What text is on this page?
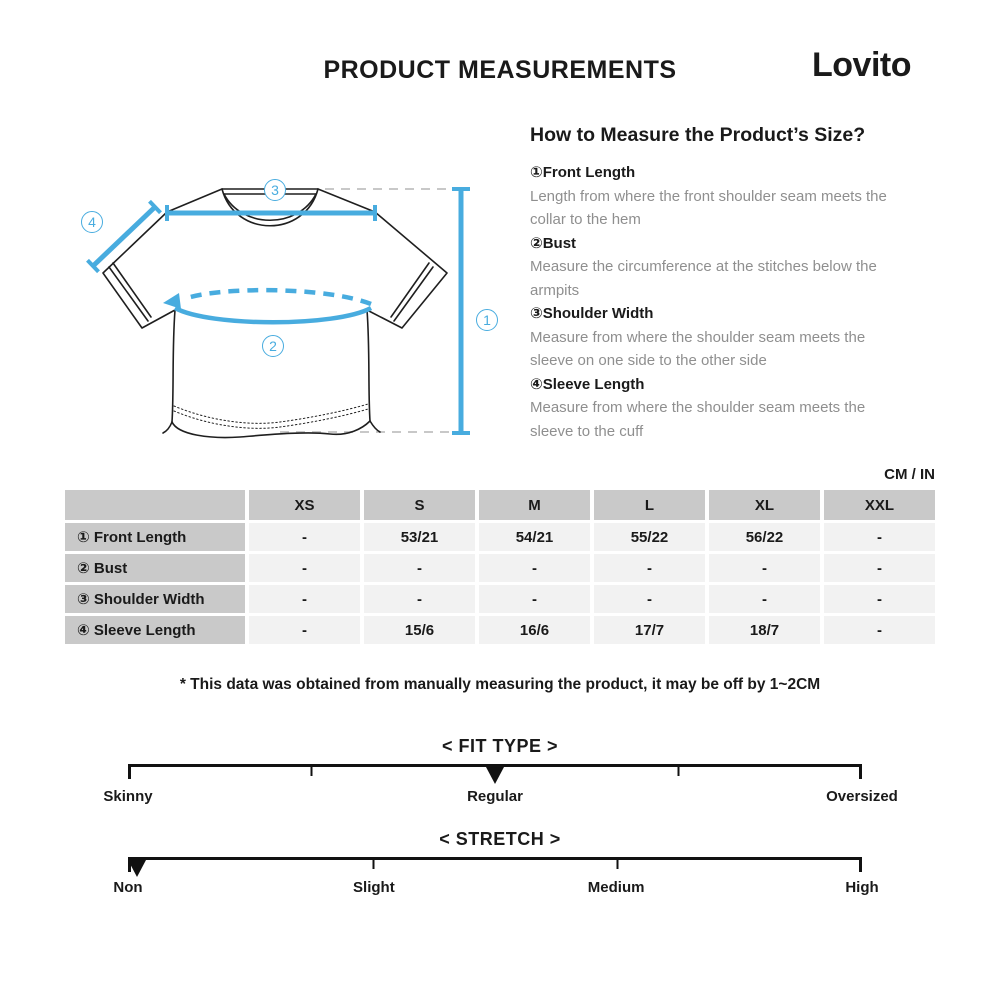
PRODUCT MEASUREMENTS	Lovito
1
2
3
4
How to Measure the Product’s Size?
①Front Length

Length from where the front shoulder seam meets the collar to the hem

②Bust

Measure the circumference at the stitches below the armpits

③Shoulder Width

Measure from where the shoulder seam meets the sleeve on one side to the other side

④Sleeve Length

Measure from where the shoulder seam meets the sleeve to the cuff

CM / IN
XS	S	M	L	XL	XXL
① Front Length	-	53/21	54/21	55/22	56/22	-
② Bust	-	-	-	-	-	-
③ Shoulder Width	-	-	-	-	-	-
④ Sleeve Length	-	15/6	16/6	17/7	18/7	-
* This data was obtained from manually measuring the product, it may be off by 1~2CM
< FIT TYPE >
Skinny	Regular	Oversized
< STRETCH >
Non	Slight	Medium	High
